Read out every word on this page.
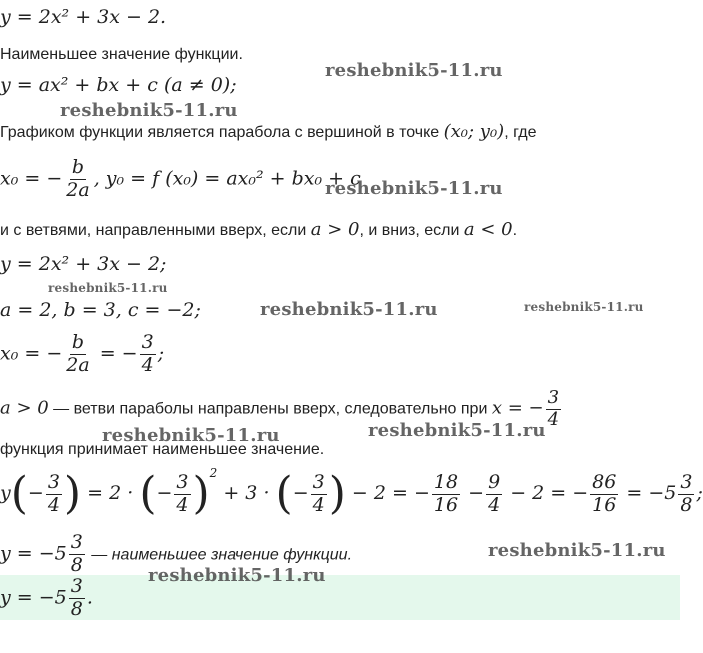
y = 2x² + 3x − 2.
Наименьшее значение функции.
y = ax² + bx + c (a ≠ 0);
Графиком функции является парабола с вершиной в точке (x₀; y₀), где
x₀ = − $\frac{b}{2a}$ , y₀ = f (x₀) = ax₀² + bx₀ + c
и с ветвями, направленными вверх, если a > 0, и вниз, если a < 0.
y = 2x² + 3x − 2;
a = 2, b = 3, c = −2;
x₀ = − $\frac{b}{2a}$ = − $\frac{3}{4}$ ;
a > 0 — ветви параболы направлены вверх, следовательно при x = − $\frac{3}{4}$
функция принимает наименьшее значение.
$y(- \frac{3}{4}$ ) = 2 · (− $\frac{3}{4} )^2 + 3$ · (− $\frac{3}{4}$ ) − 2 = − $\frac{18}{16} - \frac{9}{4} - 2$ = − $\frac{86}{16} = -5 \frac{3}{8}$ ;
$y = -5 \frac{3}{8}$ — наименьшее значение функции.
$y = -5 \frac{3}{8}$ .
reshebnik5-11.ru
reshebnik5-11.ru
reshebnik5-11.ru
reshebnik5-11.ru
reshebnik5-11.ru	reshebnik5-11.ru
reshebnik5-11.ru	reshebnik5-11.ru
reshebnik5-11.ru
reshebnik5-11.ru
